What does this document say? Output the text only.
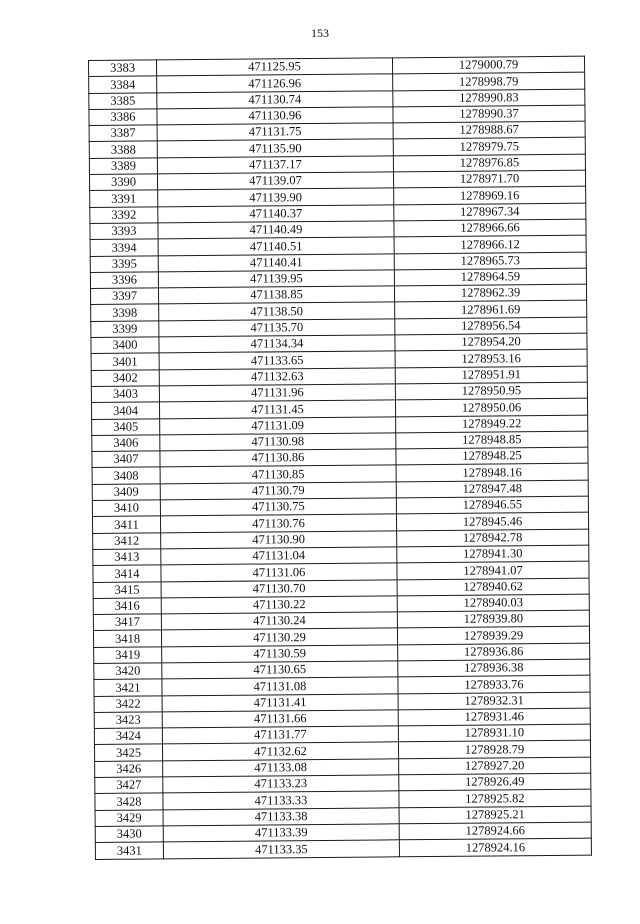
153
3383	471125.95	1279000.79
3384	471126.96	1278998.79
3385	471130.74	1278990.83
3386	471130.96	1278990.37
3387	471131.75	1278988.67
3388	471135.90	1278979.75
3389	471137.17	1278976.85
3390	471139.07	1278971.70
3391	471139.90	1278969.16
3392	471140.37	1278967.34
3393	471140.49	1278966.66
3394	471140.51	1278966.12
3395	471140.41	1278965.73
3396	471139.95	1278964.59
3397	471138.85	1278962.39
3398	471138.50	1278961.69
3399	471135.70	1278956.54
3400	471134.34	1278954.20
3401	471133.65	1278953.16
3402	471132.63	1278951.91
3403	471131.96	1278950.95
3404	471131.45	1278950.06
3405	471131.09	1278949.22
3406	471130.98	1278948.85
3407	471130.86	1278948.25
3408	471130.85	1278948.16
3409	471130.79	1278947.48
3410	471130.75	1278946.55
3411	471130.76	1278945.46
3412	471130.90	1278942.78
3413	471131.04	1278941.30
3414	471131.06	1278941.07
3415	471130.70	1278940.62
3416	471130.22	1278940.03
3417	471130.24	1278939.80
3418	471130.29	1278939.29
3419	471130.59	1278936.86
3420	471130.65	1278936.38
3421	471131.08	1278933.76
3422	471131.41	1278932.31
3423	471131.66	1278931.46
3424	471131.77	1278931.10
3425	471132.62	1278928.79
3426	471133.08	1278927.20
3427	471133.23	1278926.49
3428	471133.33	1278925.82
3429	471133.38	1278925.21
3430	471133.39	1278924.66
3431	471133.35	1278924.16
